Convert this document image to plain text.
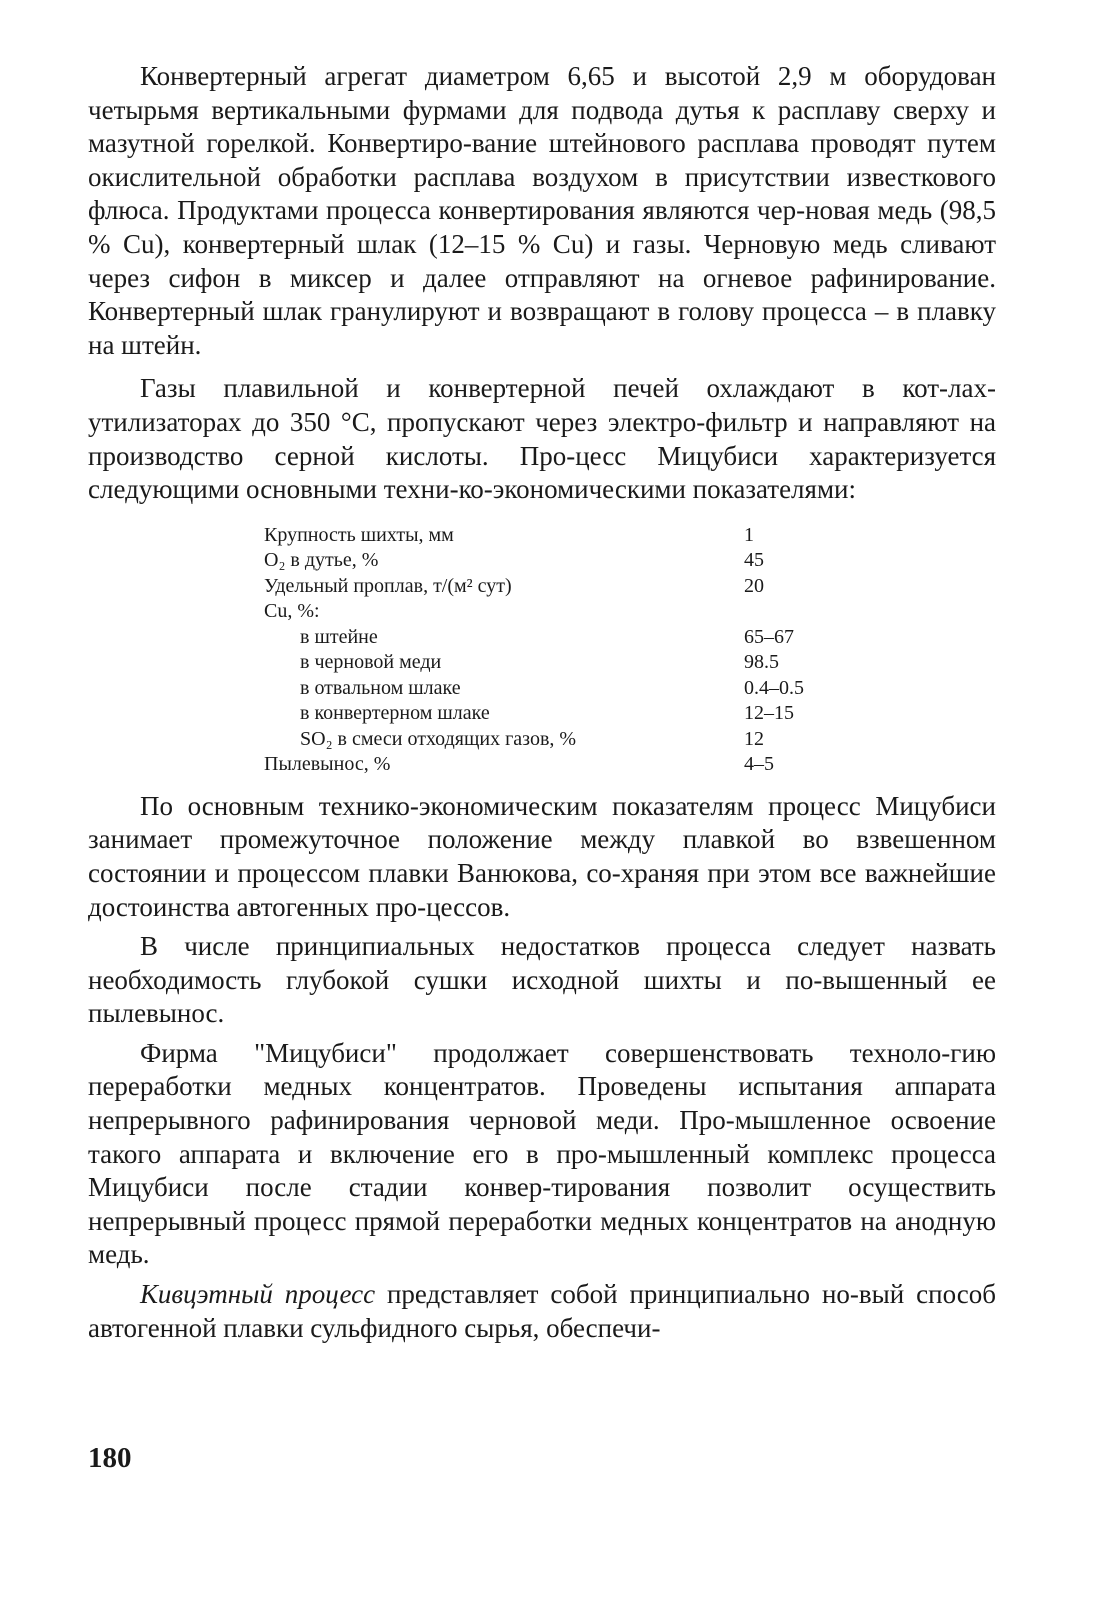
Конвертерный агрегат диаметром 6,65 и высотой 2,9 м оборудован четырьмя вертикальными фурмами для подвода дутья к расплаву сверху и мазутной горелкой. Конвертиро-вание штейнового расплава проводят путем окислительной обработки расплава воздухом в присутствии известкового флюса. Продуктами процесса конвертирования являются чер-новая медь (98,5 % Cu), конвертерный шлак (12–15 % Cu) и газы. Черновую медь сливают через сифон в миксер и далее отправляют на огневое рафинирование. Конвертерный шлак гранулируют и возвращают в голову процесса – в плавку на штейн.

Газы плавильной и конвертерной печей охлаждают в кот-лах-утилизаторах до 350 °С, пропускают через электро-фильтр и направляют на производство серной кислоты. Про-цесс Мицубиси характеризуется следующими основными техни-ко-экономическими показателями:

Крупность шихты, мм	1
O₂ в дутье, %	45
Удельный проплав, т/(м² сут)	20
Cu, %:
в штейне	65–67
в черновой меди	98.5
в отвальном шлаке	0.4–0.5
в конвертерном шлаке	12–15
SO₂ в смеси отходящих газов, %	12
Пылевынос, %	4–5

По основным технико-экономическим показателям процесс Мицубиси занимает промежуточное положение между плавкой во взвешенном состоянии и процессом плавки Ванюкова, со-храняя при этом все важнейшие достоинства автогенных про-цессов.

В числе принципиальных недостатков процесса следует назвать необходимость глубокой сушки исходной шихты и по-вышенный ее пылевынос.

Фирма "Мицубиси" продолжает совершенствовать техноло-гию переработки медных концентратов. Проведены испытания аппарата непрерывного рафинирования черновой меди. Про-мышленное освоение такого аппарата и включение его в про-мышленный комплекс процесса Мицубиси после стадии конвер-тирования позволит осуществить непрерывный процесс прямой переработки медных концентратов на анодную медь.

Кивцэтный процесс представляет собой принципиально но-вый способ автогенной плавки сульфидного сырья, обеспечи-

180
